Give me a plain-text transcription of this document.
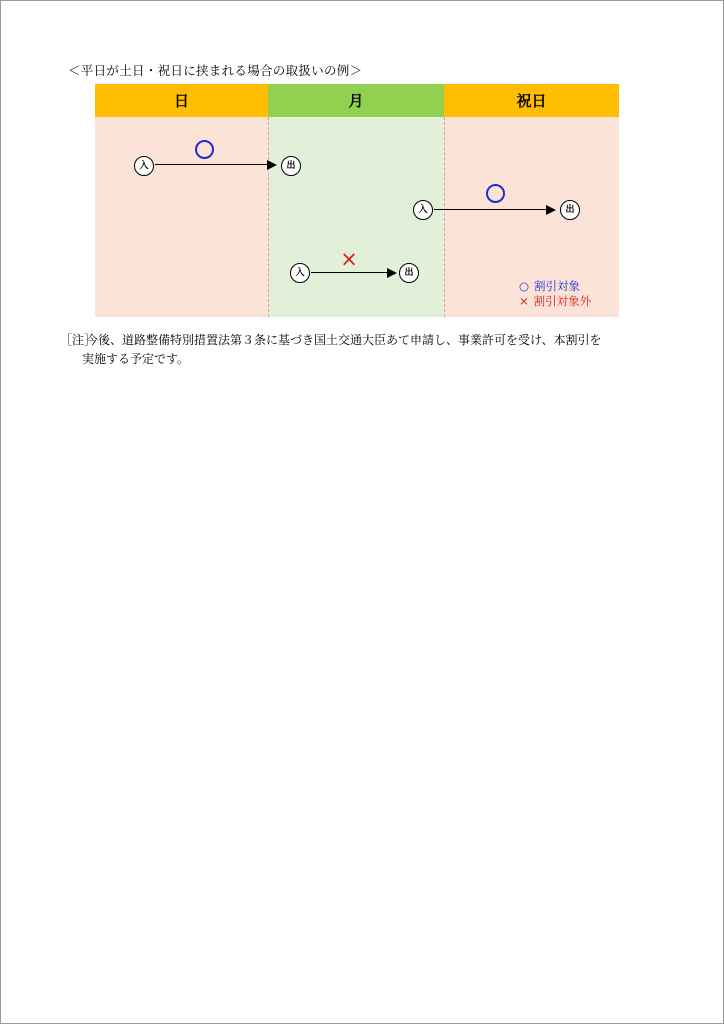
＜平日が土日・祝日に挟まれる場合の取扱いの例＞
日	月	祝日
入	出
入	出
入	出
×
○ 割引対象
× 割引対象外
［注］今後、道路整備特別措置法第３条に基づき国土交通大臣あて申請し、事業許可を受け、本割引を
実施する予定です。
